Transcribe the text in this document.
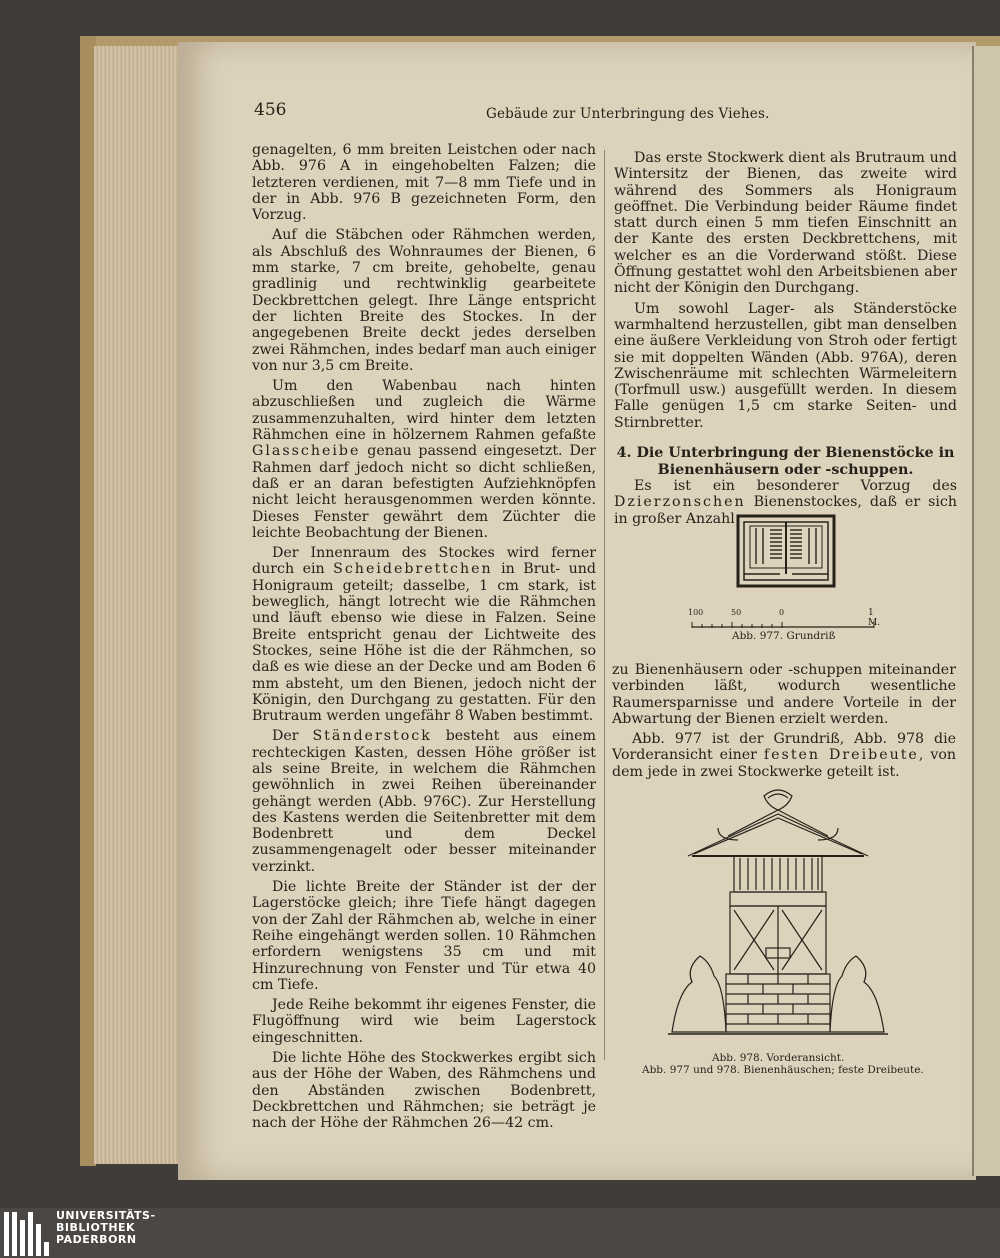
456	Gebäude zur Unterbringung des Viehes.

genagelten, 6 mm breiten Leistchen oder nach Abb. 976 A in eingehobelten Falzen; die letzteren verdienen, mit 7—8 mm Tiefe und in der in Abb. 976 B gezeichneten Form, den Vorzug.

Auf die Stäbchen oder Rähmchen werden, als Abschluß des Wohnraumes der Bienen, 6 mm starke, 7 cm breite, gehobelte, genau gradlinig und rechtwinklig gearbeitete Deckbrettchen gelegt. Ihre Länge entspricht der lichten Breite des Stockes. In der angegebenen Breite deckt jedes derselben zwei Rähmchen, indes bedarf man auch einiger von nur 3,5 cm Breite.

Um den Wabenbau nach hinten abzuschließen und zugleich die Wärme zusammenzuhalten, wird hinter dem letzten Rähmchen eine in hölzernem Rahmen gefaßte Glasscheibe genau passend eingesetzt. Der Rahmen darf jedoch nicht so dicht schließen, daß er an daran befestigten Aufziehknöpfen nicht leicht herausgenommen werden könnte. Dieses Fenster gewährt dem Züchter die leichte Beobachtung der Bienen.

Der Innenraum des Stockes wird ferner durch ein Scheidebrettchen in Brut- und Honigraum geteilt; dasselbe, 1 cm stark, ist beweglich, hängt lotrecht wie die Rähmchen und läuft ebenso wie diese in Falzen. Seine Breite entspricht genau der Lichtweite des Stockes, seine Höhe ist die der Rähmchen, so daß es wie diese an der Decke und am Boden 6 mm absteht, um den Bienen, jedoch nicht der Königin, den Durchgang zu gestatten. Für den Brutraum werden ungefähr 8 Waben bestimmt.

Der Ständerstock besteht aus einem rechteckigen Kasten, dessen Höhe größer ist als seine Breite, in welchem die Rähmchen gewöhnlich in zwei Reihen übereinander gehängt werden (Abb. 976C). Zur Herstellung des Kastens werden die Seitenbretter mit dem Bodenbrett und dem Deckel zusammengenagelt oder besser miteinander verzinkt.

Die lichte Breite der Ständer ist der der Lagerstöcke gleich; ihre Tiefe hängt dagegen von der Zahl der Rähmchen ab, welche in einer Reihe eingehängt werden sollen. 10 Rähmchen erfordern wenigstens 35 cm und mit Hinzurechnung von Fenster und Tür etwa 40 cm Tiefe.

Jede Reihe bekommt ihr eigenes Fenster, die Flugöffnung wird wie beim Lagerstock eingeschnitten.

Die lichte Höhe des Stockwerkes ergibt sich aus der Höhe der Waben, des Rähmchens und den Abständen zwischen Bodenbrett, Deckbrettchen und Rähmchen; sie beträgt je nach der Höhe der Rähmchen 26—42 cm.

Das erste Stockwerk dient als Brutraum und Wintersitz der Bienen, das zweite wird während des Sommers als Honigraum geöffnet. Die Verbindung beider Räume findet statt durch einen 5 mm tiefen Einschnitt an der Kante des ersten Deckbrettchens, mit welcher es an die Vorderwand stößt. Diese Öffnung gestattet wohl den Arbeitsbienen aber nicht der Königin den Durchgang.

Um sowohl Lager- als Ständerstöcke warmhaltend herzustellen, gibt man denselben eine äußere Verkleidung von Stroh oder fertigt sie mit doppelten Wänden (Abb. 976A), deren Zwischenräume mit schlechten Wärmeleitern (Torfmull usw.) ausgefüllt werden. In diesem Falle genügen 1,5 cm starke Seiten- und Stirnbretter.

4. Die Unterbringung der Bienenstöcke in
Bienenhäusern oder -schuppen.

Es ist ein besonderer Vorzug des Dzierzonschen Bienenstockes, daß er sich in großer Anzahl

100	50	0	1 M.
Abb. 977. Grundriß

zu Bienenhäusern oder -schuppen miteinander verbinden läßt, wodurch wesentliche Raumersparnisse und andere Vorteile in der Abwartung der Bienen erzielt werden.

Abb. 977 ist der Grundriß, Abb. 978 die Vorderansicht einer festen Dreibeute, von dem jede in zwei Stockwerke geteilt ist.

Abb. 978. Vorderansicht.
Abb. 977 und 978. Bienenhäuschen; feste Dreibeute.
UNIVERSITÄTS-
BIBLIOTHEK
PADERBORN
